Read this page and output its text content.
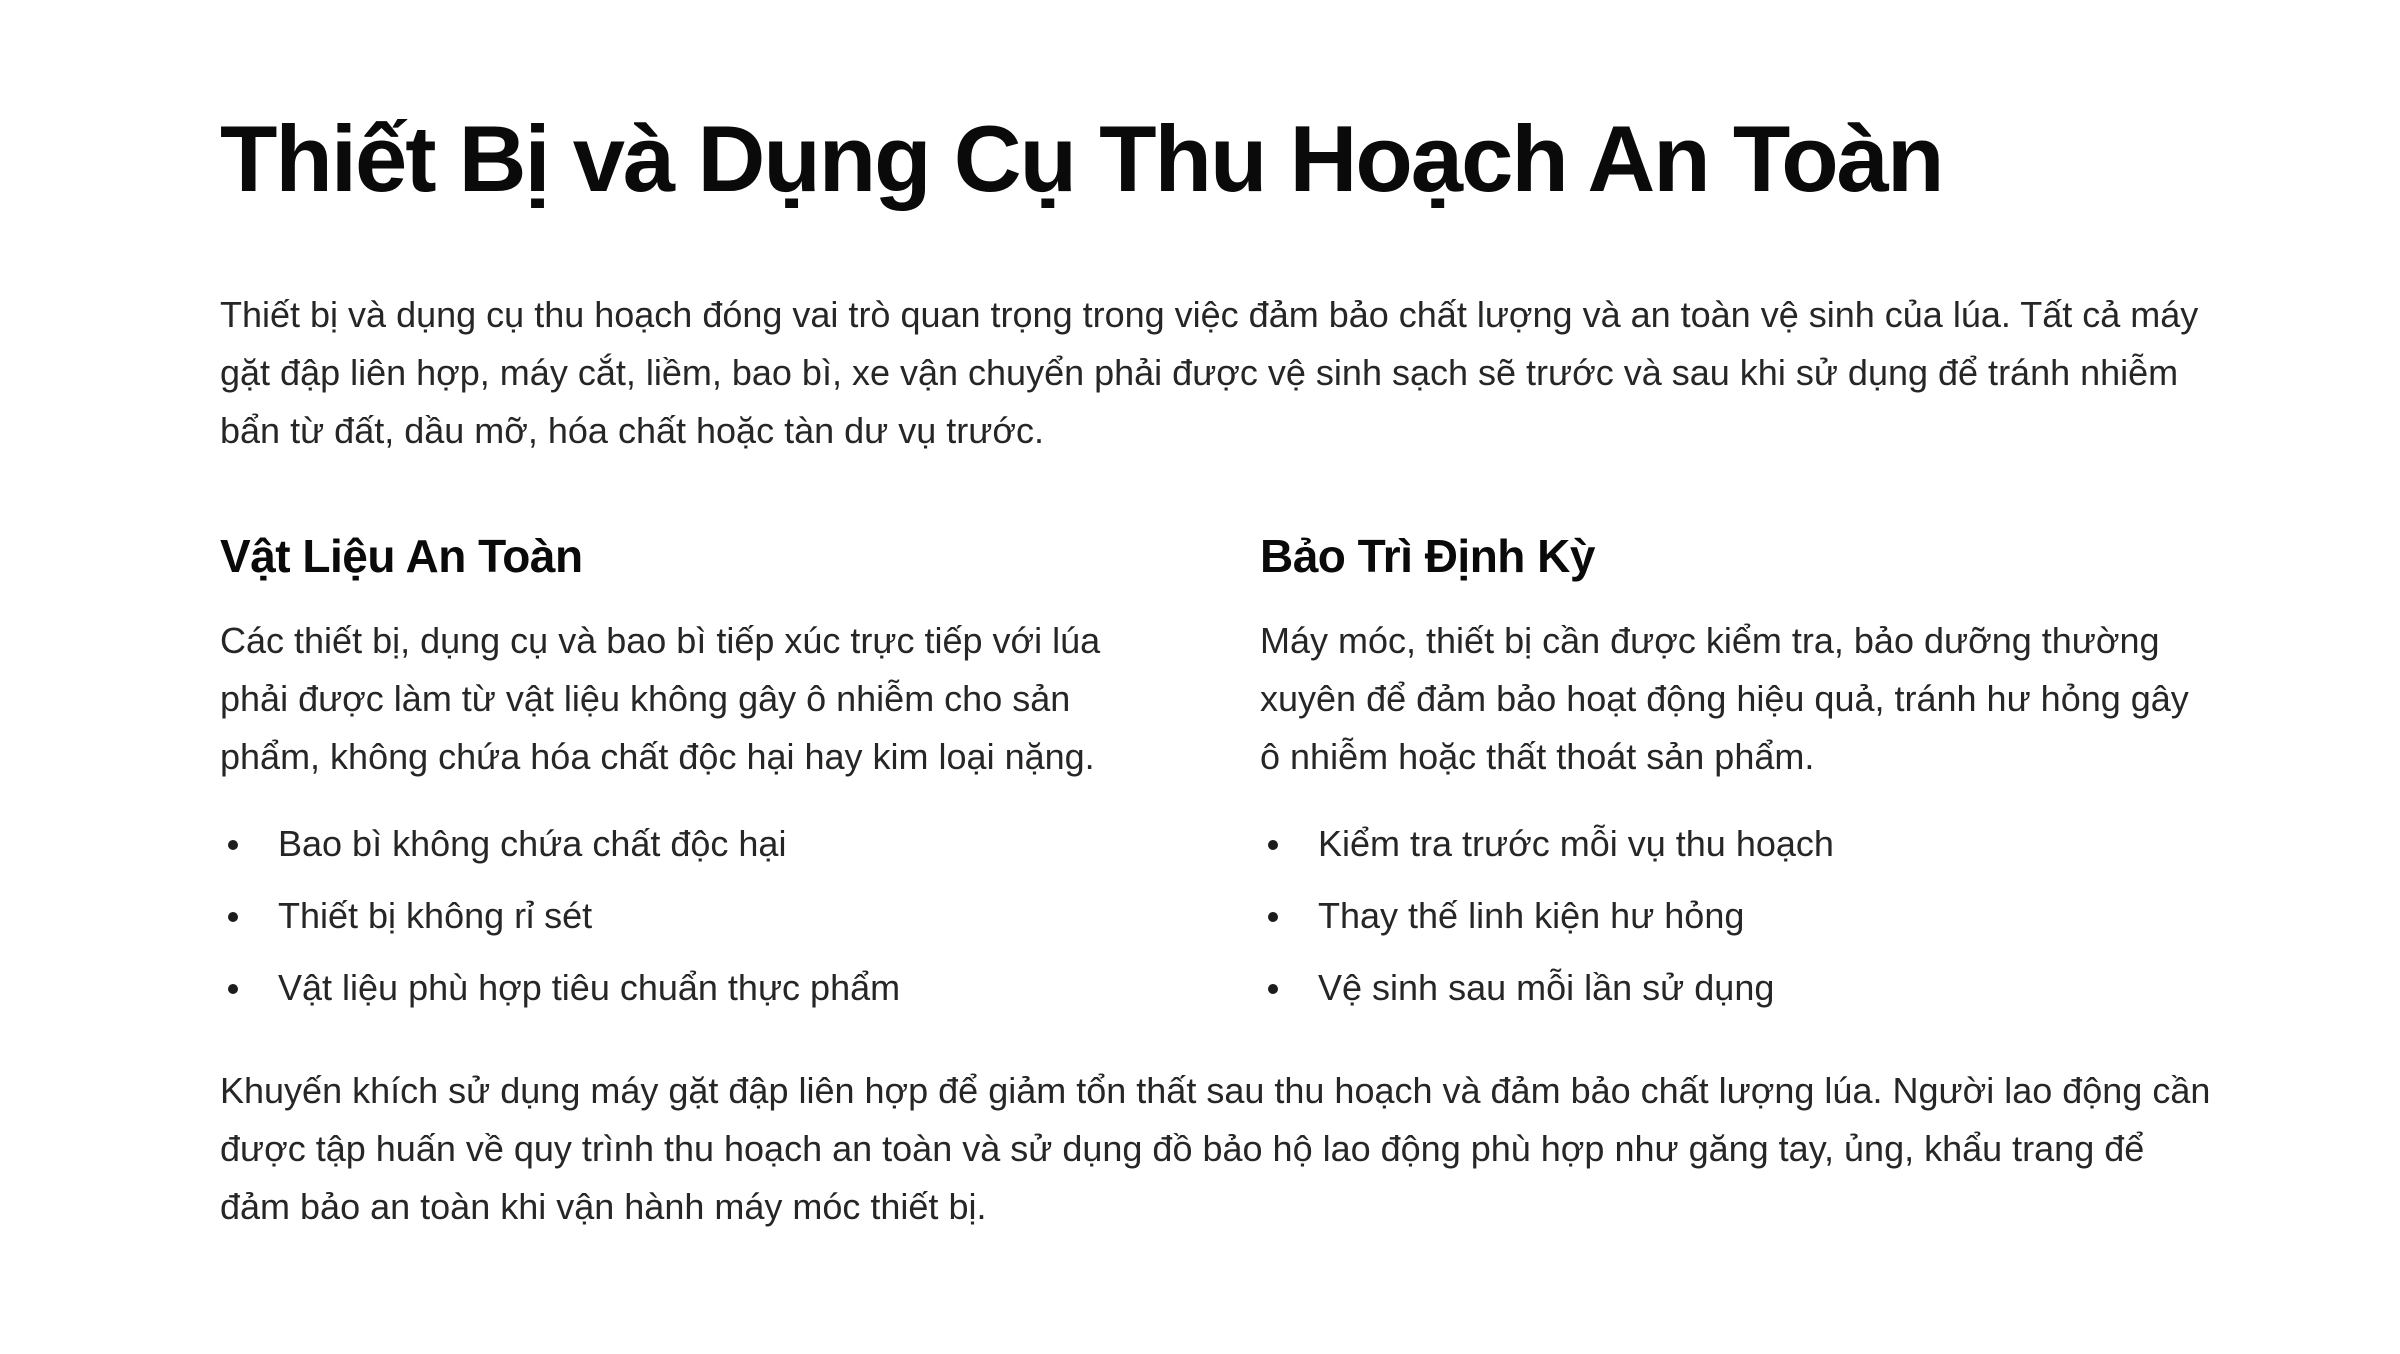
Thiết Bị và Dụng Cụ Thu Hoạch An Toàn

Thiết bị và dụng cụ thu hoạch đóng vai trò quan trọng trong việc đảm bảo chất lượng và an toàn vệ sinh của lúa. Tất cả máy gặt đập liên hợp, máy cắt, liềm, bao bì, xe vận chuyển phải được vệ sinh sạch sẽ trước và sau khi sử dụng để tránh nhiễm bẩn từ đất, dầu mỡ, hóa chất hoặc tàn dư vụ trước.

Vật Liệu An Toàn

Các thiết bị, dụng cụ và bao bì tiếp xúc trực tiếp với lúa phải được làm từ vật liệu không gây ô nhiễm cho sản phẩm, không chứa hóa chất độc hại hay kim loại nặng.

Bao bì không chứa chất độc hại
Thiết bị không rỉ sét
Vật liệu phù hợp tiêu chuẩn thực phẩm
Bảo Trì Định Kỳ

Máy móc, thiết bị cần được kiểm tra, bảo dưỡng thường xuyên để đảm bảo hoạt động hiệu quả, tránh hư hỏng gây ô nhiễm hoặc thất thoát sản phẩm.

Kiểm tra trước mỗi vụ thu hoạch
Thay thế linh kiện hư hỏng
Vệ sinh sau mỗi lần sử dụng

Khuyến khích sử dụng máy gặt đập liên hợp để giảm tổn thất sau thu hoạch và đảm bảo chất lượng lúa. Người lao động cần được tập huấn về quy trình thu hoạch an toàn và sử dụng đồ bảo hộ lao động phù hợp như găng tay, ủng, khẩu trang để đảm bảo an toàn khi vận hành máy móc thiết bị.
